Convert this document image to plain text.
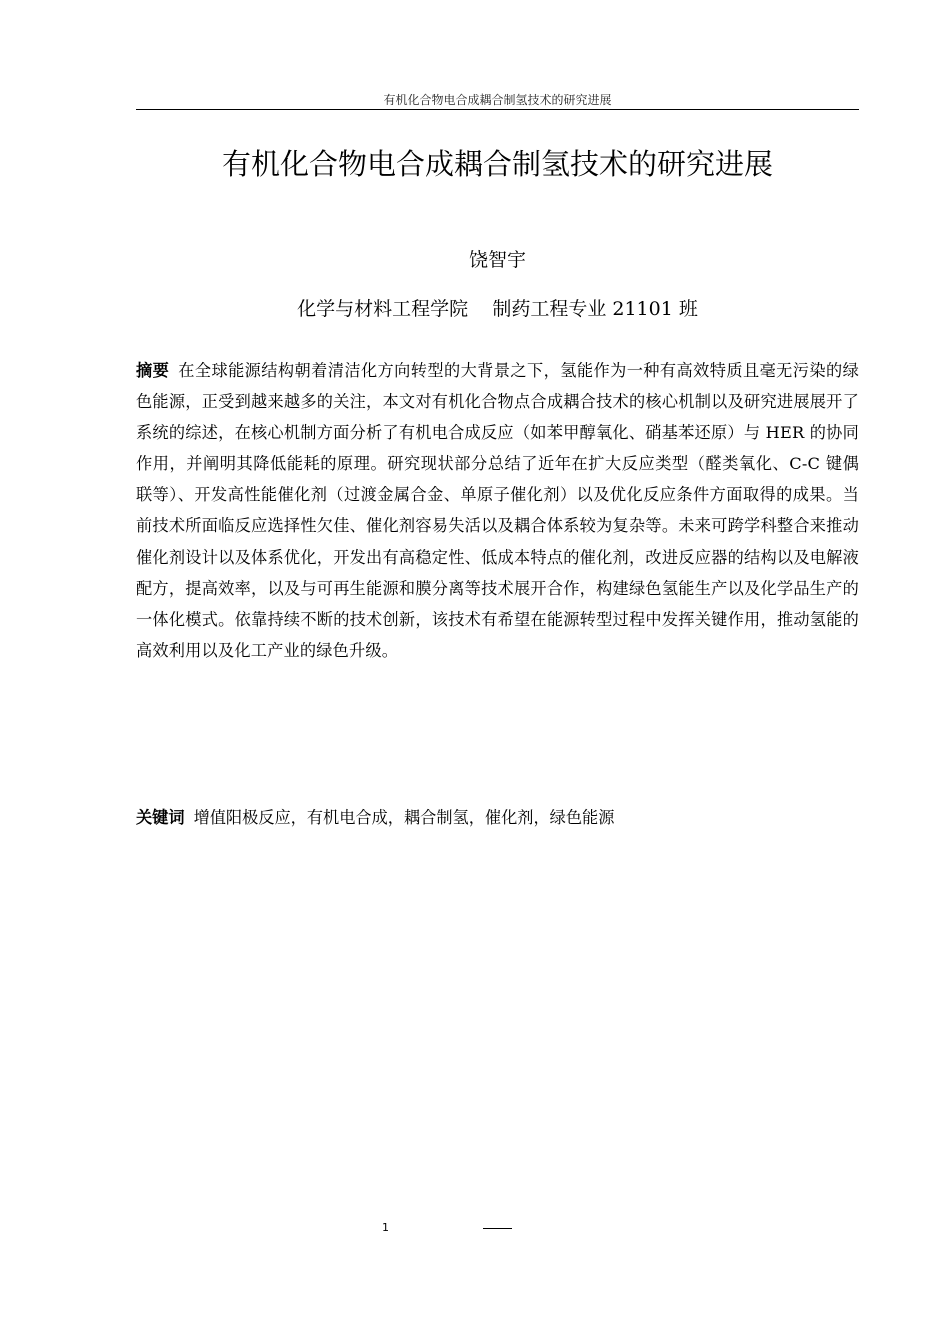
有机化合物电合成耦合制氢技术的研究进展
有机化合物电合成耦合制氢技术的研究进展
饶智宇
化学与材料工程学院    制药工程专业 21101 班
摘要 在全球能源结构朝着清洁化方向转型的大背景之下，氢能作为一种有高效特质且毫无污染的绿色能源，正受到越来越多的关注，本文对有机化合物点合成耦合技术的核心机制以及研究进展展开了系统的综述，在核心机制方面分析了有机电合成反应（如苯甲醇氧化、硝基苯还原）与 HER 的协同作用，并阐明其降低能耗的原理。研究现状部分总结了近年在扩大反应类型（醛类氧化、C-C 键偶联等）、开发高性能催化剂（过渡金属合金、单原子催化剂）以及优化反应条件方面取得的成果。当前技术所面临反应选择性欠佳、催化剂容易失活以及耦合体系较为复杂等。未来可跨学科整合来推动催化剂设计以及体系优化，开发出有高稳定性、低成本特点的催化剂，改进反应器的结构以及电解液配方，提高效率，以及与可再生能源和膜分离等技术展开合作，构建绿色氢能生产以及化学品生产的一体化模式。依靠持续不断的技术创新，该技术有希望在能源转型过程中发挥关键作用，推动氢能的高效利用以及化工产业的绿色升级。
关键词 增值阳极反应，有机电合成，耦合制氢，催化剂，绿色能源
1
